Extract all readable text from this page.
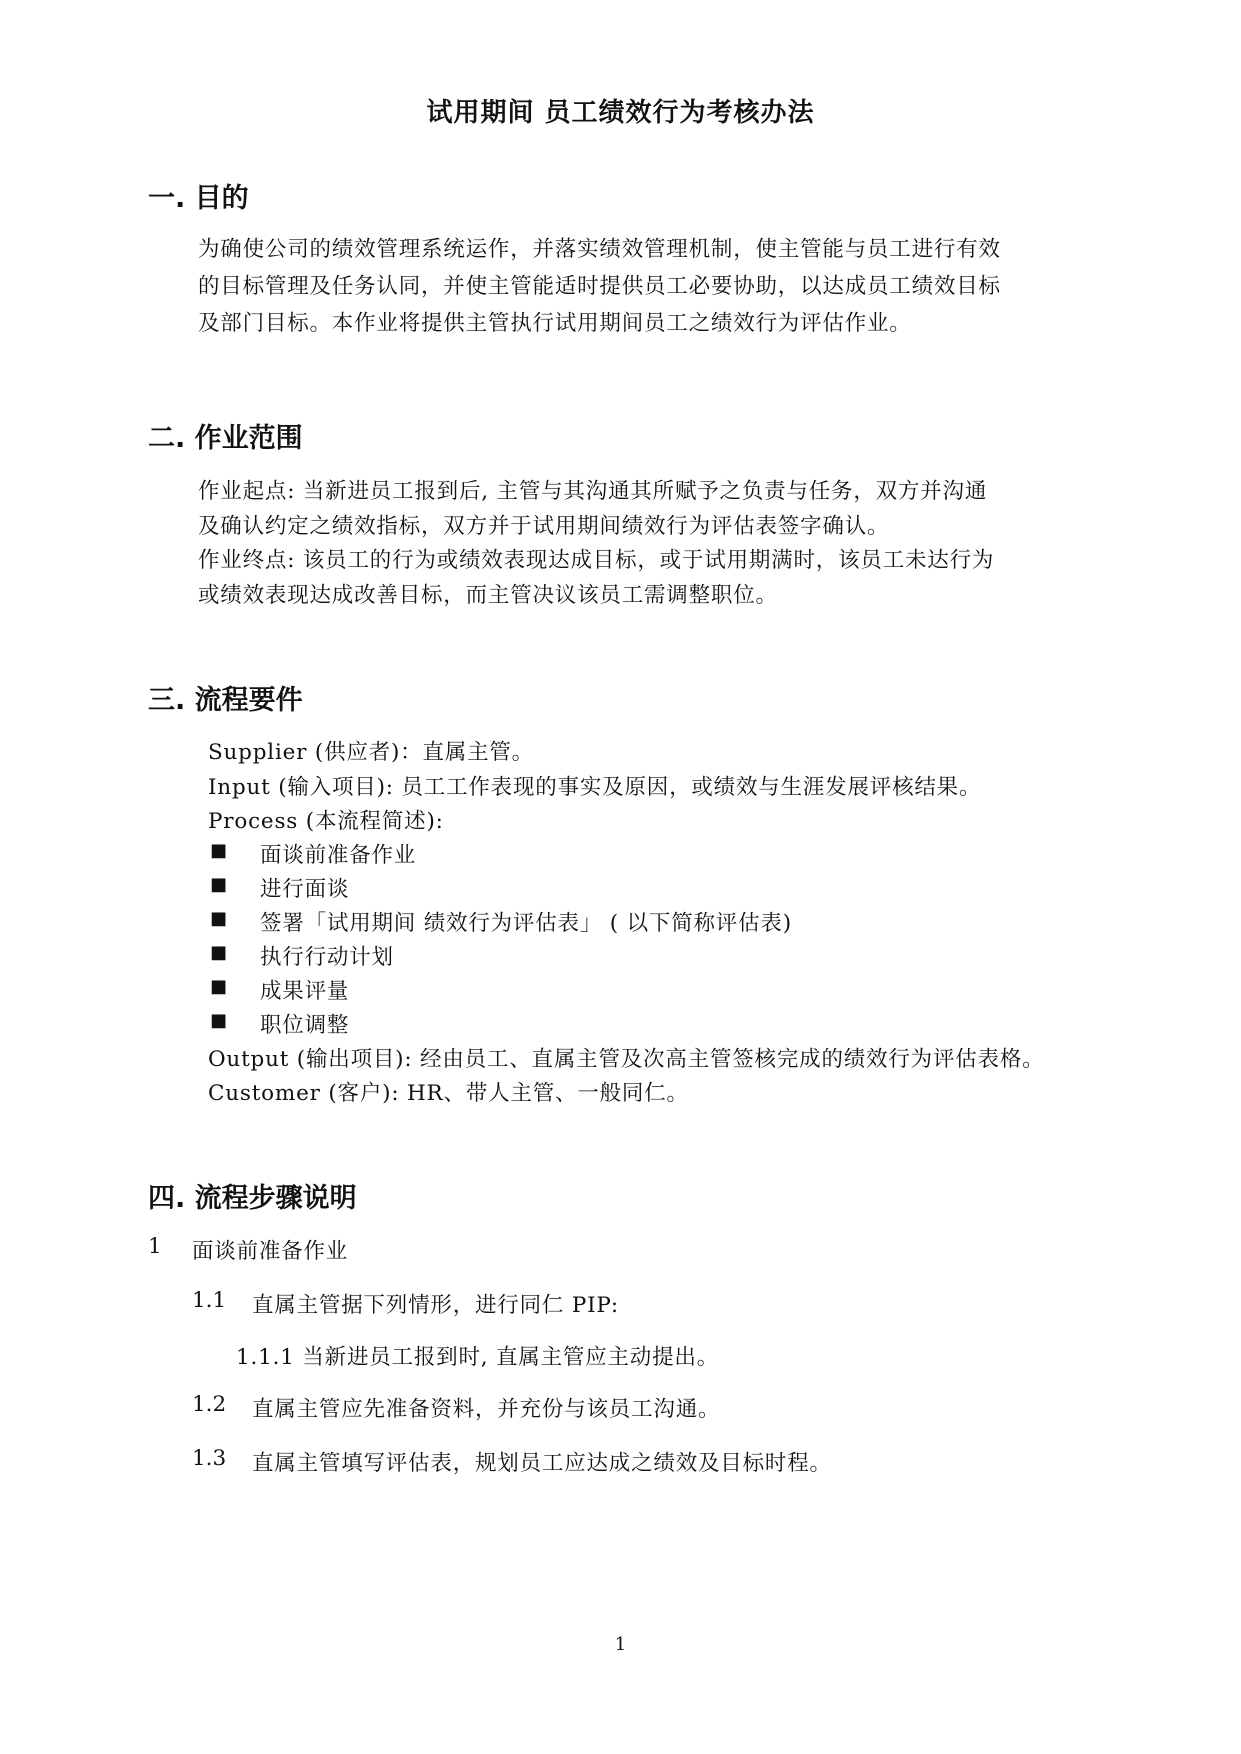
试用期间 员工绩效行为考核办法
一. 目的
为确使公司的绩效管理系统运作，并落实绩效管理机制，使主管能与员工进行有效
的目标管理及任务认同，并使主管能适时提供员工必要协助，以达成员工绩效目标
及部门目标。本作业将提供主管执行试用期间员工之绩效行为评估作业。
二. 作业范围
作业起点: 当新进员工报到后, 主管与其沟通其所赋予之负责与任务，双方并沟通
及确认约定之绩效指标，双方并于试用期间绩效行为评估表签字确认。
作业终点: 该员工的行为或绩效表现达成目标，或于试用期满时，该员工未达行为
或绩效表现达成改善目标，而主管决议该员工需调整职位。
三. 流程要件
Supplier (供应者)：直属主管。
Input (输入项目): 员工工作表现的事实及原因，或绩效与生涯发展评核结果。
Process (本流程简述):
■ 面谈前准备作业
■ 进行面谈
■ 签署「试用期间 绩效行为评估表」 ( 以下简称评估表)
■ 执行行动计划
■ 成果评量
■ 职位调整
Output (输出项目): 经由员工、直属主管及次高主管签核完成的绩效行为评估表格。
Customer (客户): HR、带人主管、一般同仁。
四. 流程步骤说明
1 面谈前准备作业
1.1 直属主管据下列情形，进行同仁 PIP:
1.1.1 当新进员工报到时, 直属主管应主动提出。
1.2 直属主管应先准备资料，并充份与该员工沟通。
1.3 直属主管填写评估表，规划员工应达成之绩效及目标时程。
1
